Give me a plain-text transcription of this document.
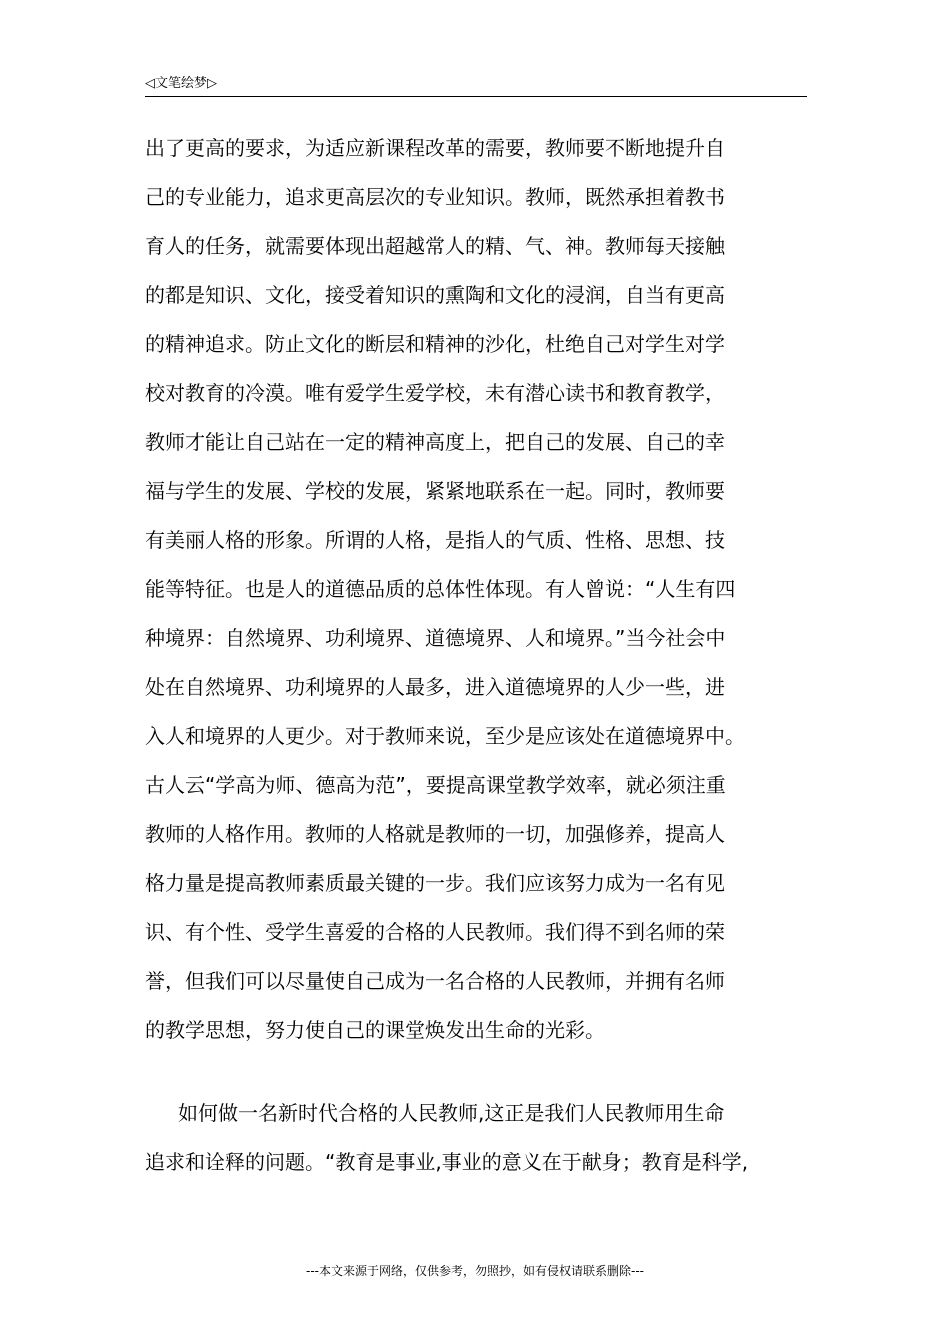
◁文笔绘梦▷
出了更高的要求，为适应新课程改革的需要，教师要不断地提升自
己的专业能力，追求更高层次的专业知识。教师，既然承担着教书
育人的任务，就需要体现出超越常人的精、气、神。教师每天接触
的都是知识、文化，接受着知识的熏陶和文化的浸润，自当有更高
的精神追求。防止文化的断层和精神的沙化，杜绝自己对学生对学
校对教育的冷漠。唯有爱学生爱学校，未有潜心读书和教育教学，
教师才能让自己站在一定的精神高度上，把自己的发展、自己的幸
福与学生的发展、学校的发展，紧紧地联系在一起。同时，教师要
有美丽人格的形象。所谓的人格，是指人的气质、性格、思想、技
能等特征。也是人的道德品质的总体性体现。有人曾说：“人生有四
种境界：自然境界、功利境界、道德境界、人和境界。”当今社会中
处在自然境界、功利境界的人最多，进入道德境界的人少一些，进
入人和境界的人更少。对于教师来说，至少是应该处在道德境界中。
古人云“学高为师、德高为范”，要提高课堂教学效率，就必须注重
教师的人格作用。教师的人格就是教师的一切，加强修养，提高人
格力量是提高教师素质最关键的一步。我们应该努力成为一名有见
识、有个性、受学生喜爱的合格的人民教师。我们得不到名师的荣
誉，但我们可以尽量使自己成为一名合格的人民教师，并拥有名师
的教学思想，努力使自己的课堂焕发出生命的光彩。
如何做一名新时代合格的人民教师,这正是我们人民教师用生命
追求和诠释的问题。“教育是事业,事业的意义在于献身；教育是科学,
---本文来源于网络，仅供参考，勿照抄，如有侵权请联系删除---
